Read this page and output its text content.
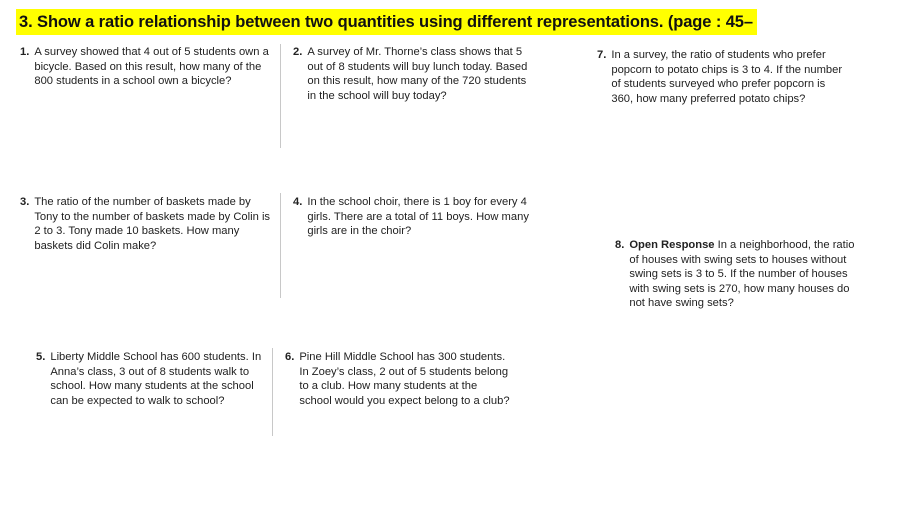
3. Show a ratio relationship between two quantities using different representations. (page : 45–
1. A survey showed that 4 out of 5 students own a bicycle. Based on this result, how many of the 800 students in a school own a bicycle?
2. A survey of Mr. Thorne’s class shows that 5 out of 8 students will buy lunch today. Based on this result, how many of the 720 students in the school will buy today?
7. In a survey, the ratio of students who prefer popcorn to potato chips is 3 to 4. If the number of students surveyed who prefer popcorn is 360, how many preferred potato chips?
3. The ratio of the number of baskets made by Tony to the number of baskets made by Colin is 2 to 3. Tony made 10 baskets. How many baskets did Colin make?
4. In the school choir, there is 1 boy for every 4 girls. There are a total of 11 boys. How many girls are in the choir?
8. Open Response In a neighborhood, the ratio of houses with swing sets to houses without swing sets is 3 to 5. If the number of houses with swing sets is 270, how many houses do not have swing sets?
5. Liberty Middle School has 600 students. In Anna’s class, 3 out of 8 students walk to school. How many students at the school can be expected to walk to school?
6. Pine Hill Middle School has 300 students. In Zoey’s class, 2 out of 5 students belong to a club. How many students at the school would you expect belong to a club?
